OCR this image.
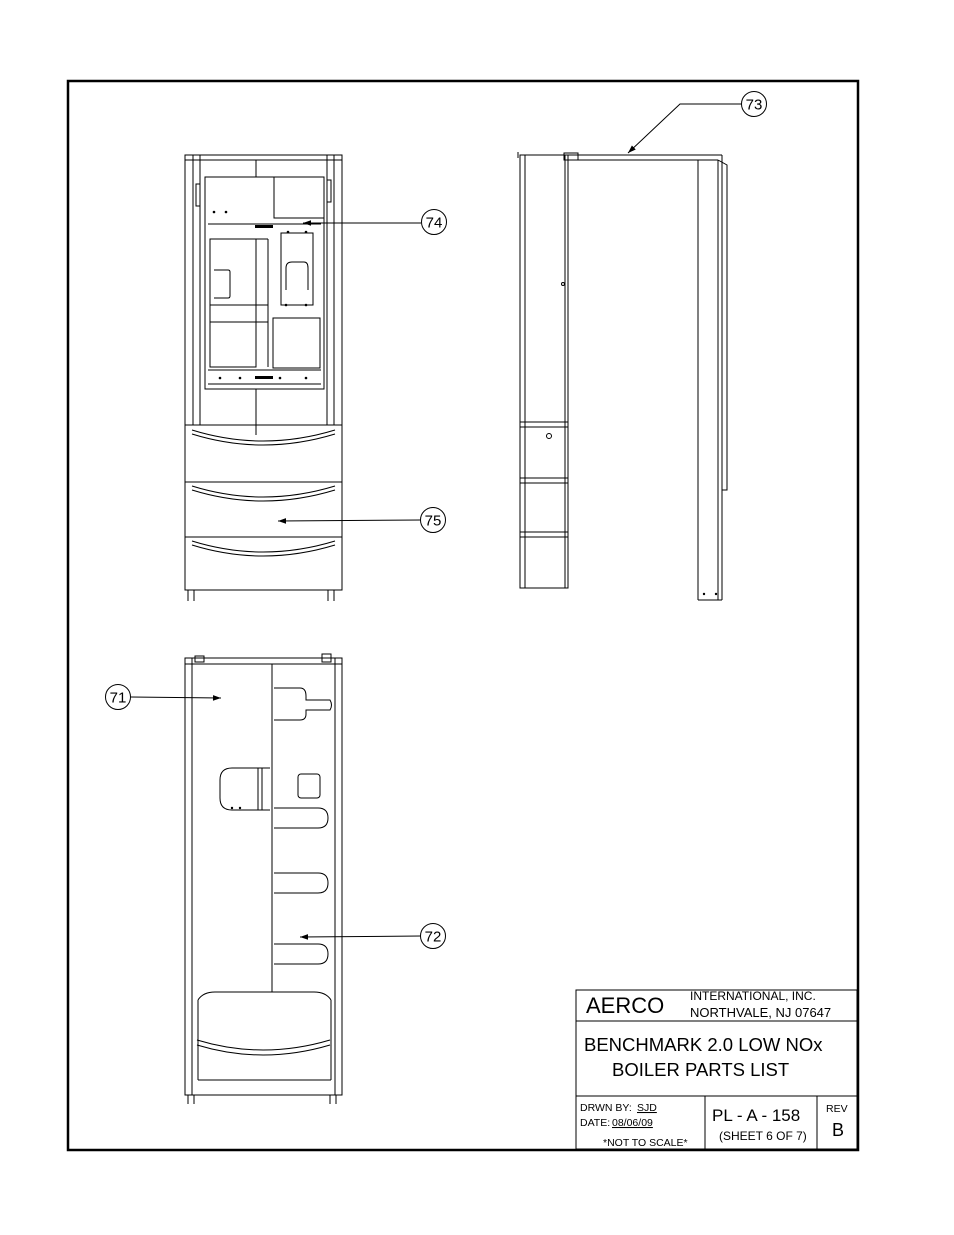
71
72
73
74
75
AERCO INTERNATIONAL, INC.
NORTHVALE, NJ 07647
BENCHMARK 2.0 LOW NOx
BOILER PARTS LIST
DRWN BY: SJD
DATE: 08/06/09
*NOT TO SCALE*
PL - A - 158
(SHEET 6 OF 7)
REV
B
